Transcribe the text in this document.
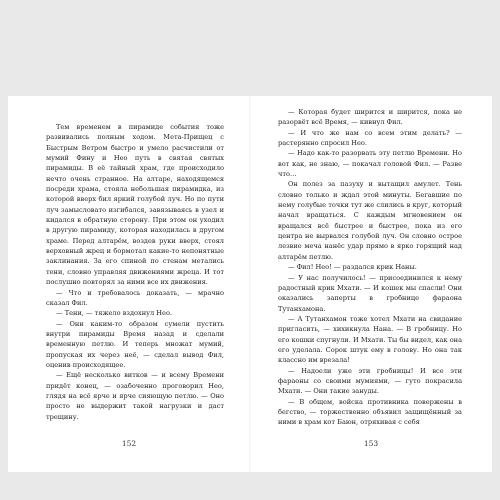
Тем временем в пирамиде события тоже развивались полным ходом. Мета-Прищец с Быстрым Ветром быстро и умело расчистили от мумий Фину и Нео путь в святая святых пирамиды. В её тайный храм, где происходило нечто очень странное. На алтаре, находящемся посреди храма, стояла небольшая пирамидка, из которой вверх бил яркий голубой луч. Но по пути луч замысловато изгибался, завязываясь в узел и кидался в обратную сторону. При этом он уходил в другую пирамиду, которая находилась в другом храме. Перед алтарём, воздев руки вверх, стоял верховный жрец и бормотал какие-то непонятные заклинания. За его спиной по стенам метались тени, словно управляя движениями жреца. И тот послушно повторял за ними все их движения.

— Что и требовалось доказать, — мрачно сказал Фил.

— Тени, — тяжело вздохнул Нео.

— Они каким-то образом сумели пустить внутри пирамиды Время назад и сделали временную петлю. И теперь множат мумий, пропуская их через неё, — сделал вывод Фил, оценив происходящее.

— Ещё несколько витков — и всему Времени придёт конец, — озабоченно проговорил Нео, глядя на всё ярче и ярче сияющую петлю. — Оно просто не выдержит такой нагрузки и даст трещину.

152

— Которая будет ширится и ширится, пока не разорвёт всё Время, — кивнул Фил.

— И что же нам со всем этим делать? — растерянно спросил Нео.

— Надо как-то разорвать эту петлю Времени. Но вот как, не знаю, — покачал головой Фил. — Разве что…

Он полез за пазуху и вытащил амулет. Тень словно только и ждал этой минуты. Бегавшие по нему голубые точки тут же слились в круг, который начал вращаться. С каждым мгновением он вращался всё быстрее и быстрее, пока из его центра не вырвался голубой луч. Он словно острое лезвие меча нанёс удар прямо в ярко горящий над алтарём петлю.

— Фил! Нео! — раздался крик Наны.

— У нас получилось! — присоединился к нему радостный крик Мхати. — И кошек мы спасли! Они оказались заперты в гробнице фараона Тутанхамона.

— А Тутанхамон тоже хотел Мхати на свидание пригласить, — хихикнула Нана. — В гробницу. Но его кошки спугнули. И Мхати. Ты бы видел, как она его уделала. Сорок штук ему в голову. Но она так классно им врезала!

— Надоели уже эти гробницы! И все эти фараоны со своими мумиями, — гуто покрасила Мхати. — Они такие зануды.

— В общем, войска противника повержены в бегство, — торжественно объявил защищённый за ними в храм кот Баюн, отряхивая с себя

153
